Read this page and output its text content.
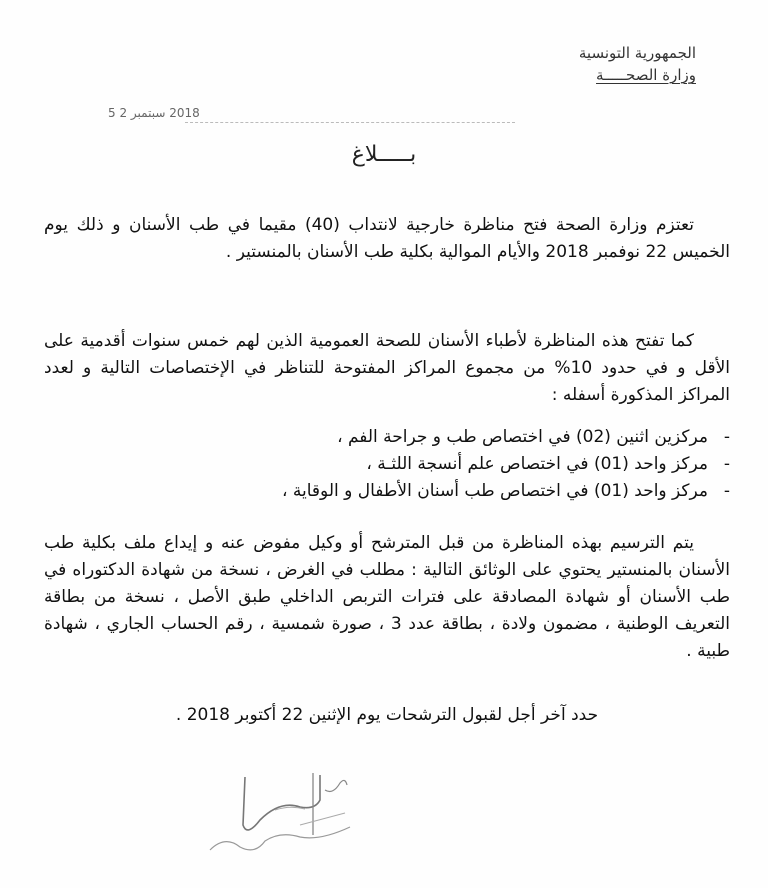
الجمهورية التونسية
وزارة الصحـــــة
2018 سبتمبر 2 5
بـــــلاغ
تعتزم وزارة الصحة فتح مناظرة خارجية لانتداب (40) مقيما في طب الأسنان و ذلك يوم الخميس 22 نوفمبر 2018 والأيام الموالية بكلية طب الأسنان بالمنستير .
كما تفتح هذه المناظرة لأطباء الأسنان للصحة العمومية الذين لهم خمس سنوات أقدمية على الأقل و في حدود 10% من مجموع المراكز المفتوحة للتناظر في الإختصاصات التالية و لعدد المراكز المذكورة أسفله :
-
مركزين اثنين (02) في اختصاص طب و جراحة الفم ،
-
مركز واحد (01) في اختصاص علم أنسجة اللثـة ،
-
مركز واحد (01) في اختصاص طب أسنان الأطفال و الوقاية ،
يتم الترسيم بهذه المناظرة من قبل المترشح أو وكيل مفوض عنه و إيداع ملف بكلية طب الأسنان بالمنستير يحتوي على الوثائق التالية : مطلب في الغرض ، نسخة من شهادة الدكتوراه في طب الأسنان أو شهادة المصادقة على فترات التربص الداخلي طبق الأصل ، نسخة من بطاقة التعريف الوطنية ، مضمون ولادة ، بطاقة عدد 3 ، صورة شمسية ، رقم الحساب الجاري ، شهادة طبية .
حدد آخر أجل لقبول الترشحات يوم الإثنين 22 أكتوبر 2018 .
